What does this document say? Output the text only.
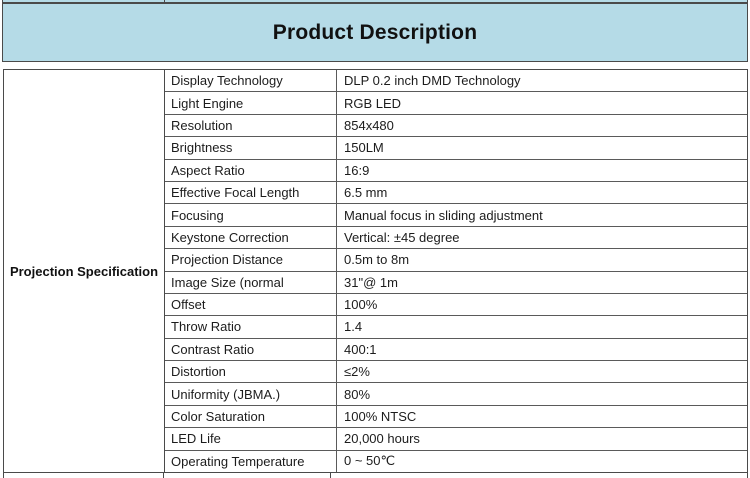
Product Description
Projection Specification
Display Technology	DLP 0.2 inch DMD Technology
Light Engine	RGB LED
Resolution	854x480
Brightness	150LM
Aspect Ratio	16:9
Effective Focal Length	6.5 mm
Focusing	Manual focus in sliding adjustment
Keystone Correction	Vertical: ±45 degree
Projection Distance	0.5m to 8m
Image Size (normal	31"@ 1m
Offset	100%
Throw Ratio	1.4
Contrast Ratio	400:1
Distortion	≤2%
Uniformity (JBMA.)	80%
Color Saturation	100% NTSC
LED Life	20,000 hours
Operating Temperature	0 ~ 50℃
